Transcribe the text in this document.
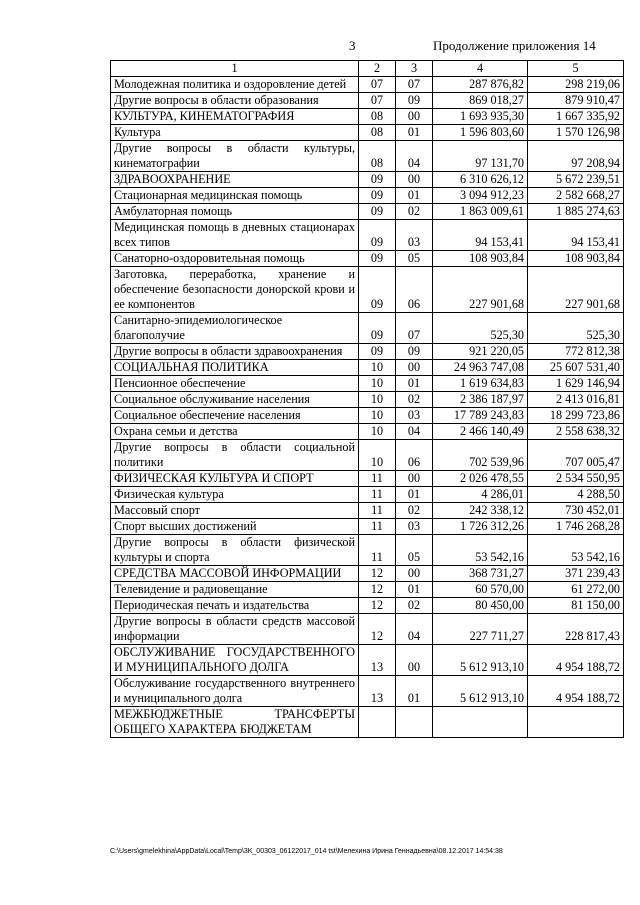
3	Продолжение приложения 14
1	2	3	4	5
Молодежная политика и оздоровление детей	07	07	287 876,82	298 219,06
Другие вопросы в области образования	07	09	869 018,27	879 910,47
КУЛЬТУРА, КИНЕМАТОГРАФИЯ	08	00	1 693 935,30	1 667 335,92
Культура	08	01	1 596 803,60	1 570 126,98
Другие вопросы в области культуры, кинематографии	08	04	97 131,70	97 208,94
ЗДРАВООХРАНЕНИЕ	09	00	6 310 626,12	5 672 239,51
Стационарная медицинская помощь	09	01	3 094 912,23	2 582 668,27
Амбулаторная помощь	09	02	1 863 009,61	1 885 274,63
Медицинская помощь в дневных стационарах всех типов	09	03	94 153,41	94 153,41
Санаторно-оздоровительная помощь	09	05	108 903,84	108 903,84
Заготовка, переработка, хранение и обеспечение безопасности донорской крови и ее компонентов	09	06	227 901,68	227 901,68
Санитарно-эпидемиологическое благополучие	09	07	525,30	525,30
Другие вопросы в области здравоохранения	09	09	921 220,05	772 812,38
СОЦИАЛЬНАЯ ПОЛИТИКА	10	00	24 963 747,08	25 607 531,40
Пенсионное обеспечение	10	01	1 619 634,83	1 629 146,94
Социальное обслуживание населения	10	02	2 386 187,97	2 413 016,81
Социальное обеспечение населения	10	03	17 789 243,83	18 299 723,86
Охрана семьи и детства	10	04	2 466 140,49	2 558 638,32
Другие вопросы в области социальной политики	10	06	702 539,96	707 005,47
ФИЗИЧЕСКАЯ КУЛЬТУРА И СПОРТ	11	00	2 026 478,55	2 534 550,95
Физическая культура	11	01	4 286,01	4 288,50
Массовый спорт	11	02	242 338,12	730 452,01
Спорт высших достижений	11	03	1 726 312,26	1 746 268,28
Другие вопросы в области физической культуры и спорта	11	05	53 542,16	53 542,16
СРЕДСТВА МАССОВОЙ ИНФОРМАЦИИ	12	00	368 731,27	371 239,43
Телевидение и радиовещание	12	01	60 570,00	61 272,00
Периодическая печать и издательства	12	02	80 450,00	81 150,00
Другие вопросы в области средств массовой информации	12	04	227 711,27	228 817,43
ОБСЛУЖИВАНИЕ ГОСУДАРСТВЕННОГО И МУНИЦИПАЛЬНОГО ДОЛГА	13	00	5 612 913,10	4 954 188,72
Обслуживание государственного внутреннего и муниципального долга	13	01	5 612 913,10	4 954 188,72
МЕЖБЮДЖЕТНЫЕ ТРАНСФЕРТЫ ОБЩЕГО ХАРАКТЕРА БЮДЖЕТАМ				
C:\Users\gmelekhina\AppData\Local\Temp\3K_00303_06122017_014 tst\Мелехина Ирина Геннадьевна\08.12.2017 14:54:38
